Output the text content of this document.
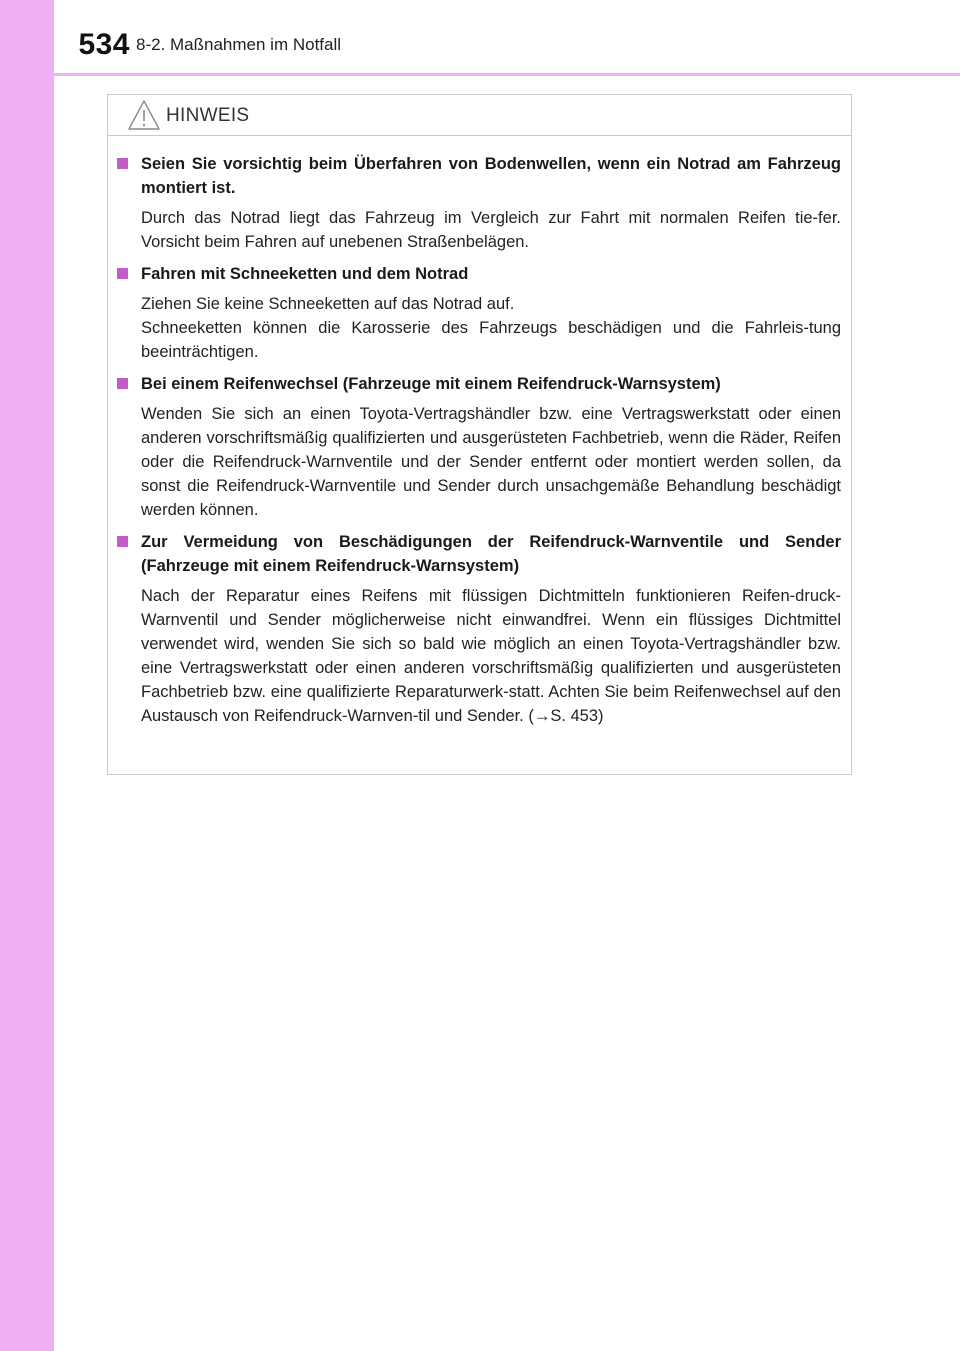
534 8-2. Maßnahmen im Notfall
HINWEIS
Seien Sie vorsichtig beim Überfahren von Bodenwellen, wenn ein Notrad am Fahrzeug montiert ist.

Durch das Notrad liegt das Fahrzeug im Vergleich zur Fahrt mit normalen Reifen tie-fer. Vorsicht beim Fahren auf unebenen Straßenbelägen.

Fahren mit Schneeketten und dem Notrad

Ziehen Sie keine Schneeketten auf das Notrad auf.

Schneeketten können die Karosserie des Fahrzeugs beschädigen und die Fahrleis-tung beeinträchtigen.

Bei einem Reifenwechsel (Fahrzeuge mit einem Reifendruck-Warnsystem)

Wenden Sie sich an einen Toyota-Vertragshändler bzw. eine Vertragswerkstatt oder einen anderen vorschriftsmäßig qualifizierten und ausgerüsteten Fachbetrieb, wenn die Räder, Reifen oder die Reifendruck-Warnventile und der Sender entfernt oder montiert werden sollen, da sonst die Reifendruck-Warnventile und Sender durch unsachgemäße Behandlung beschädigt werden können.

Zur Vermeidung von Beschädigungen der Reifendruck-Warnventile und Sender (Fahrzeuge mit einem Reifendruck-Warnsystem)

Nach der Reparatur eines Reifens mit flüssigen Dichtmitteln funktionieren Reifen-druck-Warnventil und Sender möglicherweise nicht einwandfrei. Wenn ein flüssiges Dichtmittel verwendet wird, wenden Sie sich so bald wie möglich an einen Toyota-Vertragshändler bzw. eine Vertragswerkstatt oder einen anderen vorschriftsmäßig qualifizierten und ausgerüsteten Fachbetrieb bzw. eine qualifizierte Reparaturwerk-statt. Achten Sie beim Reifenwechsel auf den Austausch von Reifendruck-Warnven-til und Sender. (→S. 453)
